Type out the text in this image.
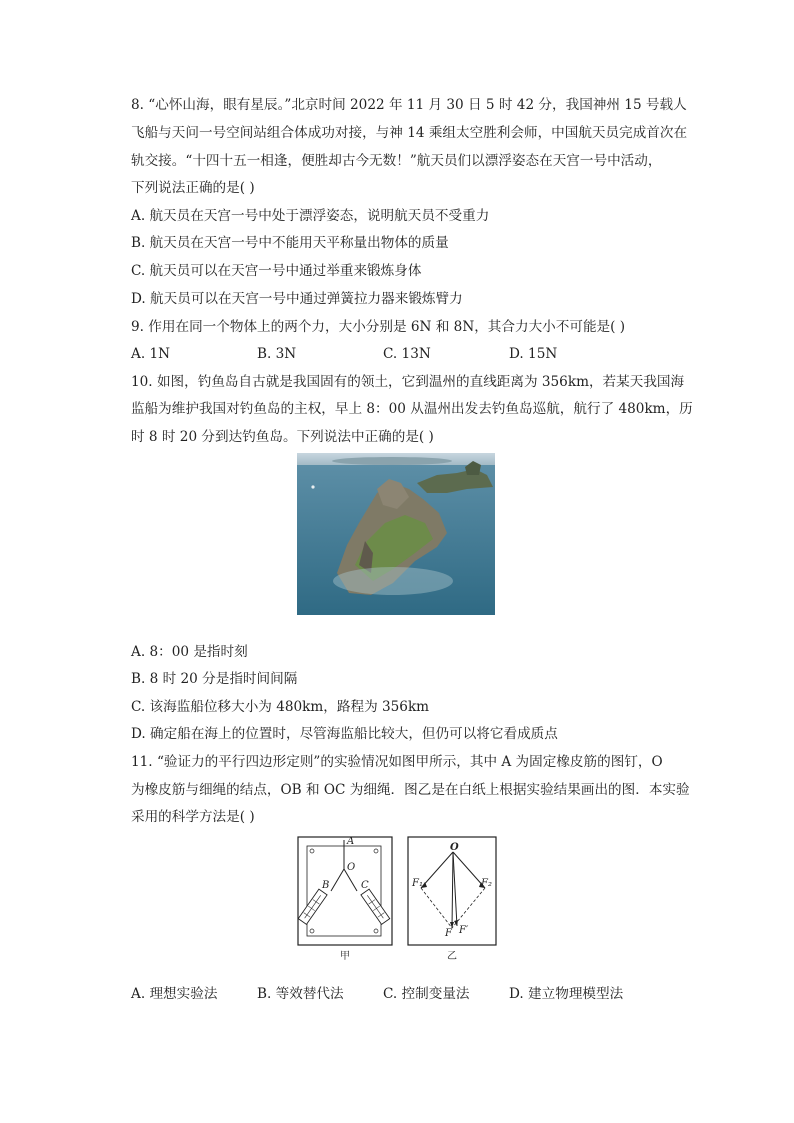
8. “心怀山海，眼有星辰。”北京时间 2022 年 11 月 30 日 5 时 42 分，我国神州 15 号载人
飞船与天问一号空间站组合体成功对接，与神 14 乘组太空胜利会师，中国航天员完成首次在
轨交接。“十四十五一相逢，便胜却古今无数！”航天员们以漂浮姿态在天宫一号中活动，
下列说法正确的是( )
A. 航天员在天宫一号中处于漂浮姿态，说明航天员不受重力
B. 航天员在天宫一号中不能用天平称量出物体的质量
C. 航天员可以在天宫一号中通过举重来锻炼身体
D. 航天员可以在天宫一号中通过弹簧拉力器来锻炼臂力
9. 作用在同一个物体上的两个力，大小分别是 6N 和 8N，其合力大小不可能是( )
A. 1N	B. 3N	C. 13N	D. 15N
10. 如图，钓鱼岛自古就是我国固有的领土，它到温州的直线距离为 356km，若某天我国海
监船为维护我国对钓鱼岛的主权，早上 8：00 从温州出发去钓鱼岛巡航，航行了 480km，历
时 8 时 20 分到达钓鱼岛。下列说法中正确的是( )
A. 8：00 是指时刻
B. 8 时 20 分是指时间间隔
C. 该海监船位移大小为 480km，路程为 356km
D. 确定船在海上的位置时，尽管海监船比较大，但仍可以将它看成质点
11. “验证力的平行四边形定则”的实验情况如图甲所示，其中 A 为固定橡皮筋的图钉，O
为橡皮筋与细绳的结点，OB 和 OC 为细绳．图乙是在白纸上根据实验结果画出的图．本实验
采用的科学方法是( )
A
O
B	C
甲
O
F₁	F₂
F F′
乙
A. 理想实验法	B. 等效替代法	C. 控制变量法	D. 建立物理模型法
